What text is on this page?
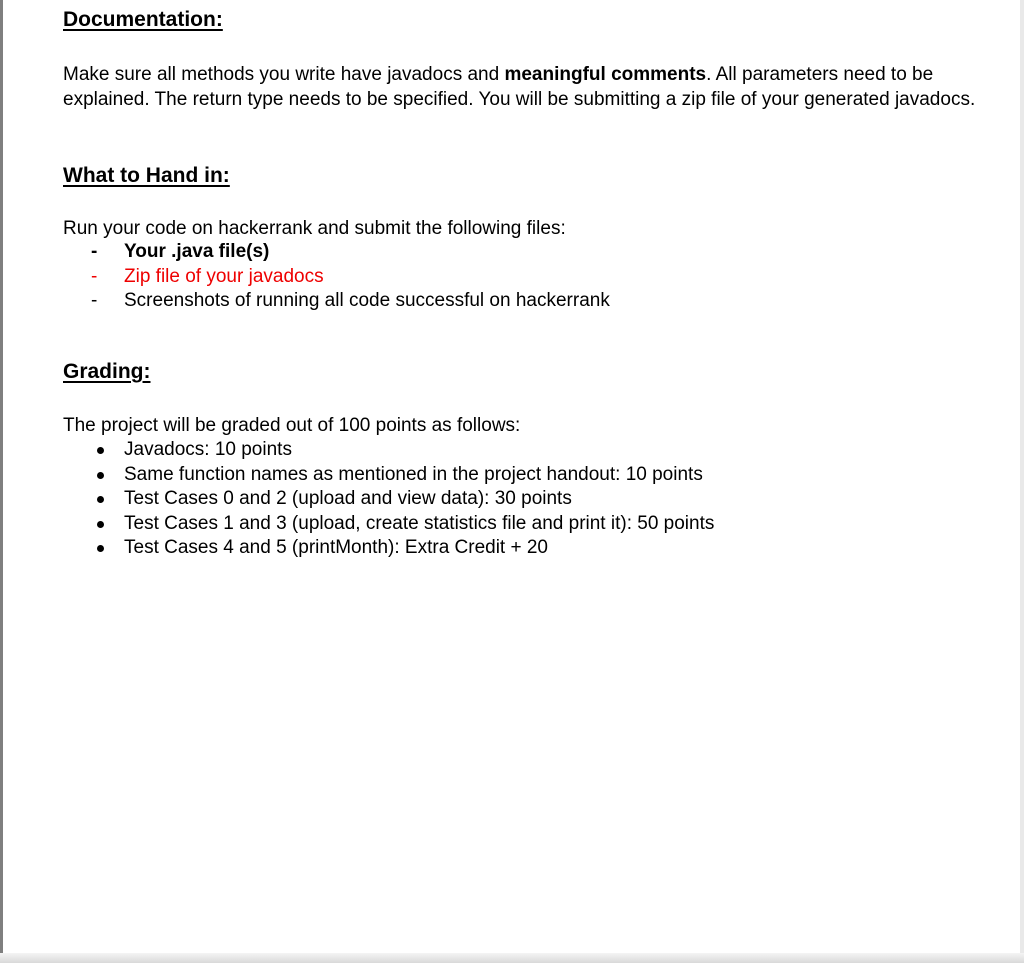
Documentation:

Make sure all methods you write have javadocs and meaningful comments. All parameters need to be explained. The return type needs to be specified. You will be submitting a zip file of your generated javadocs.

What to Hand in:

Run your code on hackerrank and submit the following files:

- Your .java file(s)
- Zip file of your javadocs
- Screenshots of running all code successful on hackerrank
Grading:

The project will be graded out of 100 points as follows:

Javadocs: 10 points
Same function names as mentioned in the project handout: 10 points
Test Cases 0 and 2 (upload and view data): 30 points
Test Cases 1 and 3 (upload, create statistics file and print it): 50 points
Test Cases 4 and 5 (printMonth): Extra Credit + 20
